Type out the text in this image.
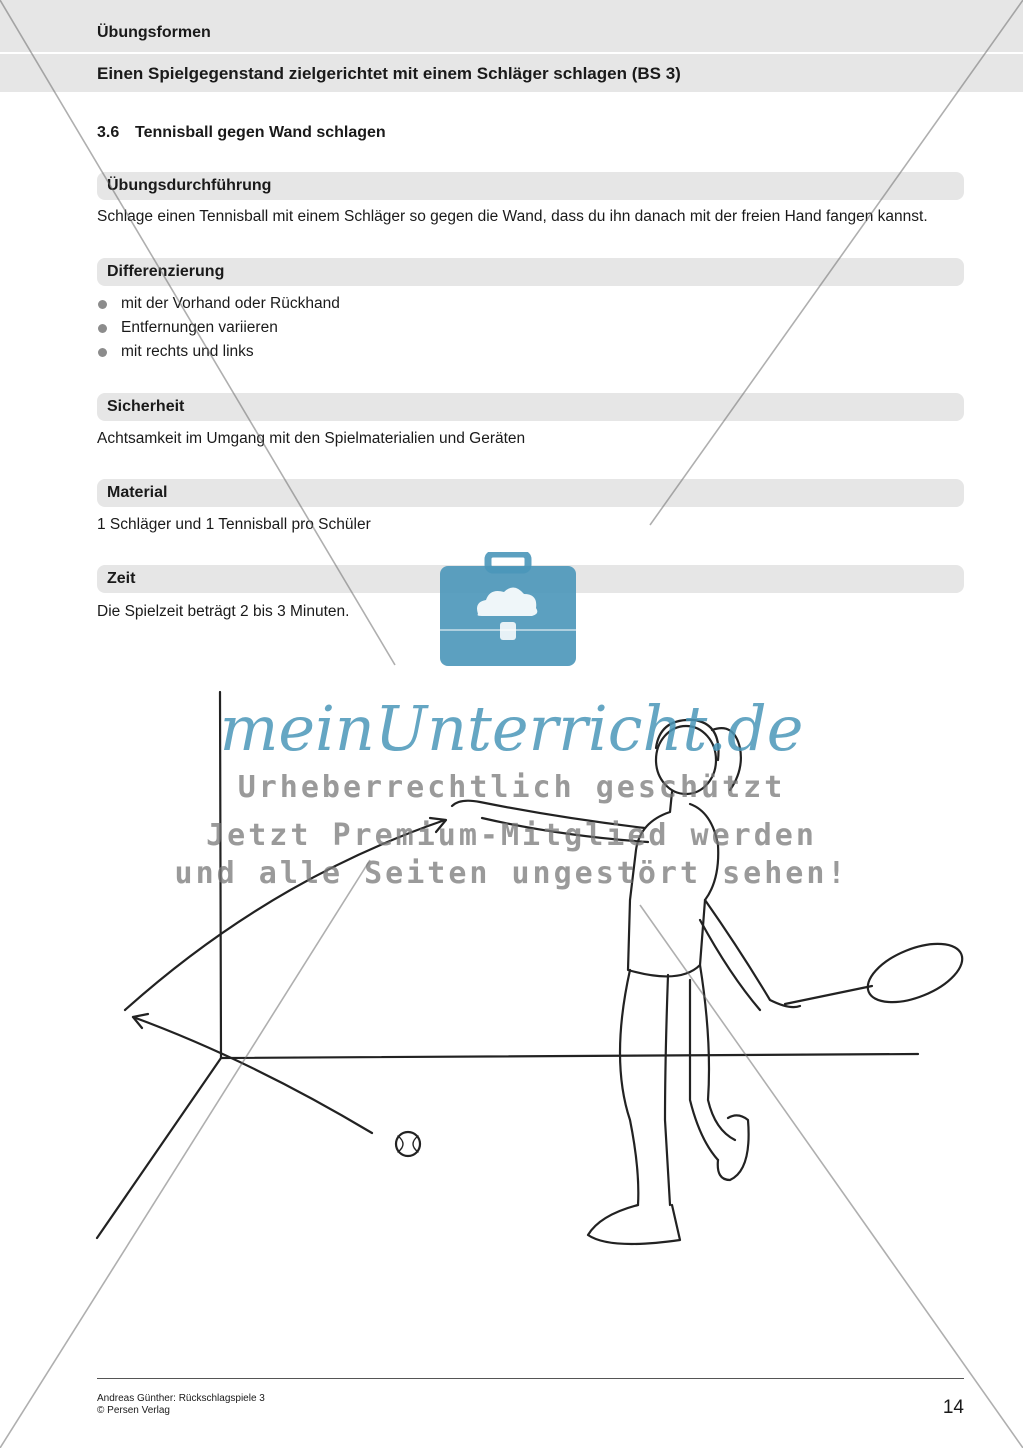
Übungsformen
Einen Spielgegenstand zielgerichtet mit einem Schläger schlagen (BS 3)
3.6 Tennisball gegen Wand schlagen
Übungsdurchführung
Schlage einen Tennisball mit einem Schläger so gegen die Wand, dass du ihn danach mit der freien Hand fangen kannst.
Differenzierung
mit der Vorhand oder Rückhand
Entfernungen variieren
mit rechts und links
Sicherheit
Achtsamkeit im Umgang mit den Spielmaterialien und Geräten
Material
1 Schläger und 1 Tennisball pro Schüler
Zeit
Die Spielzeit beträgt 2 bis 3 Minuten.
meinUnterricht.de
Urheberrechtlich geschützt
Jetzt Premium-Mitglied werden
und alle Seiten ungestört sehen!
Andreas Günther: Rückschlagspiele 3
© Persen Verlag	14
